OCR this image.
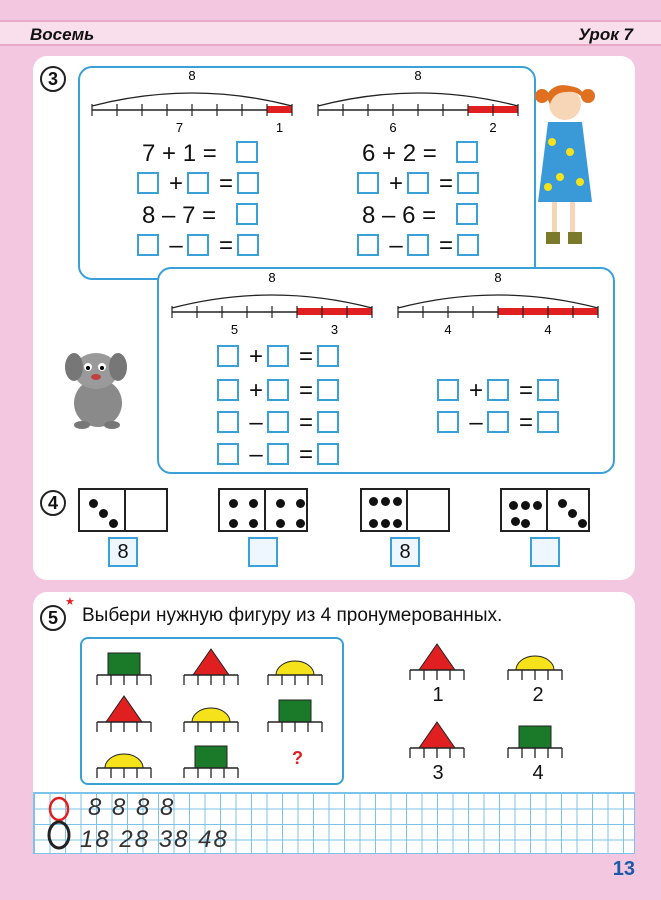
Восемь	Урок 7
3	8
7	1
8
6	2
8
5	3
8
4	4
7 + 1 =
8 – 7 =
6 + 2 =
8 – 6 =
+ =
– =
+ =
– =
+ =
+ =
– =
– =
+ =
– =
4
8	8
5
★
Выбери нужную фигуру из 4 пронумерованных.
?
1	2
3	4
8 8 8 8
18 28 38 48
13
